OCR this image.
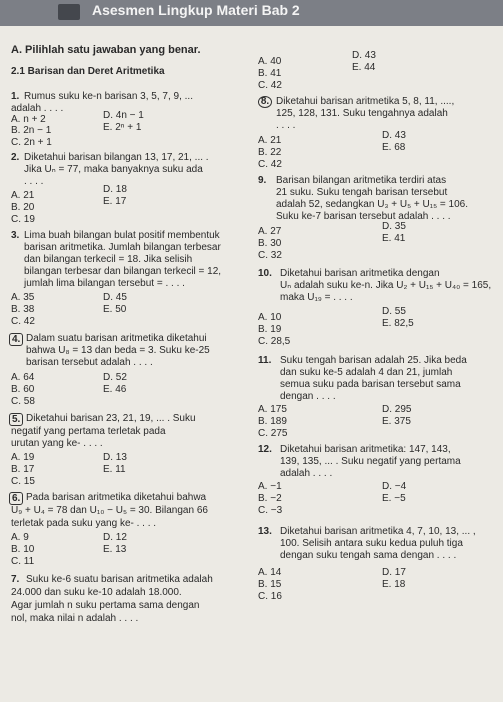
Asesmen Lingkup Materi Bab 2
A. Pilihlah satu jawaban yang benar.
2.1 Barisan dan Deret Aritmetika
A. 40
B. 41
C. 42
D. 43
E. 44
1. Rumus suku ke-n barisan 3, 5, 7, 9, ...
adalah . . . .
A. n + 2
B. 2n − 1
C. 2n + 1
D. 4n − 1
E. 2ⁿ + 1
8. Diketahui barisan aritmetika 5, 8, 11, ....,
125, 128, 131. Suku tengahnya adalah
. . . .
A. 21
B. 22
C. 42
D. 43
E. 68
2. Diketahui barisan bilangan 13, 17, 21, ... .
Jika Uₙ = 77, maka banyaknya suku ada
. . . .
A. 21
B. 20
C. 19
D. 18
E. 17
9. Barisan bilangan aritmetika terdiri atas
21 suku. Suku tengah barisan tersebut
adalah 52, sedangkan U₃ + U₅ + U₁₅ = 106.
Suku ke-7 barisan tersebut adalah . . . .
A. 27
B. 30
C. 32
D. 35
E. 41
3. Lima buah bilangan bulat positif membentuk
barisan aritmetika. Jumlah bilangan terbesar
dan bilangan terkecil = 18. Jika selisih
bilangan terbesar dan bilangan terkecil = 12,
jumlah lima bilangan tersebut = . . . .
A. 35
B. 38
C. 42
D. 45
E. 50
10. Diketahui barisan aritmetika dengan
Uₙ adalah suku ke-n. Jika U₂ + U₁₅ + U₄₀ = 165,
maka U₁₉ = . . . .
A. 10
B. 19
C. 28,5
D. 55
E. 82,5
4. Dalam suatu barisan aritmetika diketahui
bahwa U₈ = 13 dan beda = 3. Suku ke-25
barisan tersebut adalah . . . .
A. 64
B. 60
C. 58
D. 52
E. 46
11. Suku tengah barisan adalah 25. Jika beda
dan suku ke-5 adalah 4 dan 21, jumlah
semua suku pada barisan tersebut sama
dengan . . . .
A. 175
B. 189
C. 275
D. 295
E. 375
5. Diketahui barisan 23, 21, 19, ... . Suku
negatif yang pertama terletak pada
urutan yang ke- . . . .
A. 19
B. 17
C. 15
D. 13
E. 11
12. Diketahui barisan aritmetika: 147, 143,
139, 135, ... . Suku negatif yang pertama
adalah . . . .
A. −1
B. −2
C. −3
D. −4
E. −5
6. Pada barisan aritmetika diketahui bahwa
U₉ + U₄ = 78 dan U₁₀ − U₅ = 30. Bilangan 66
terletak pada suku yang ke- . . . .
A. 9
B. 10
C. 11
D. 12
E. 13
13. Diketahui barisan aritmetika 4, 7, 10, 13, ... ,
100. Selisih antara suku kedua puluh tiga
dengan suku tengah sama dengan . . . .
A. 14
B. 15
C. 16
D. 17
E. 18
7. Suku ke-6 suatu barisan aritmetika adalah
24.000 dan suku ke-10 adalah 18.000.
Agar jumlah n suku pertama sama dengan
nol, maka nilai n adalah . . . .
